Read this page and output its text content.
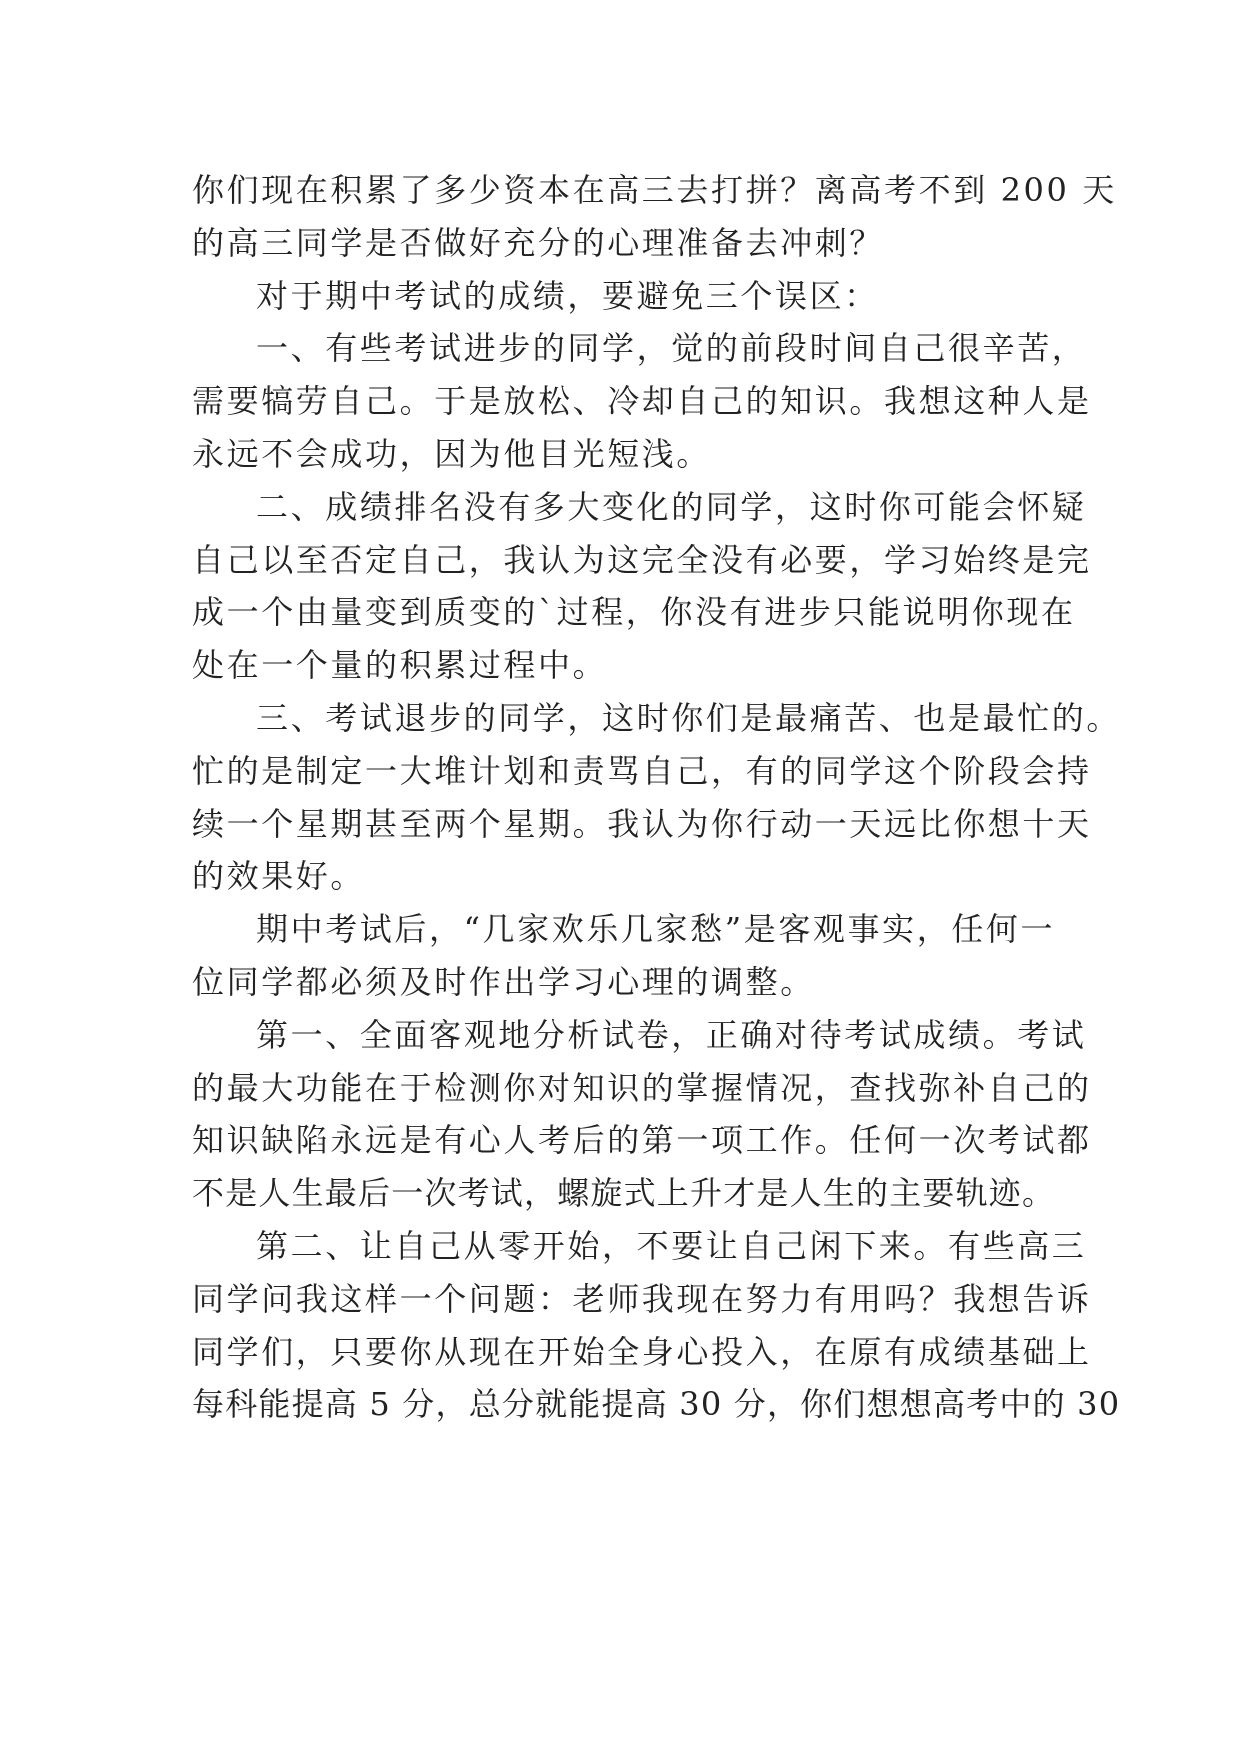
你们现在积累了多少资本在高三去打拼？离高考不到 200 天
的高三同学是否做好充分的心理准备去冲刺？
对于期中考试的成绩，要避免三个误区：
一、有些考试进步的同学，觉的前段时间自己很辛苦，
需要犒劳自己。于是放松、冷却自己的知识。我想这种人是
永远不会成功，因为他目光短浅。
二、成绩排名没有多大变化的同学，这时你可能会怀疑
自己以至否定自己，我认为这完全没有必要，学习始终是完
成一个由量变到质变的`过程，你没有进步只能说明你现在
处在一个量的积累过程中。
三、考试退步的同学，这时你们是最痛苦、也是最忙的。
忙的是制定一大堆计划和责骂自己，有的同学这个阶段会持
续一个星期甚至两个星期。我认为你行动一天远比你想十天
的效果好。
期中考试后，“几家欢乐几家愁”是客观事实，任何一
位同学都必须及时作出学习心理的调整。
第一、全面客观地分析试卷，正确对待考试成绩。考试
的最大功能在于检测你对知识的掌握情况，查找弥补自己的
知识缺陷永远是有心人考后的第一项工作。任何一次考试都
不是人生最后一次考试，螺旋式上升才是人生的主要轨迹。
第二、让自己从零开始，不要让自己闲下来。有些高三
同学问我这样一个问题：老师我现在努力有用吗？我想告诉
同学们，只要你从现在开始全身心投入，在原有成绩基础上
每科能提高 5 分，总分就能提高 30 分，你们想想高考中的 30
